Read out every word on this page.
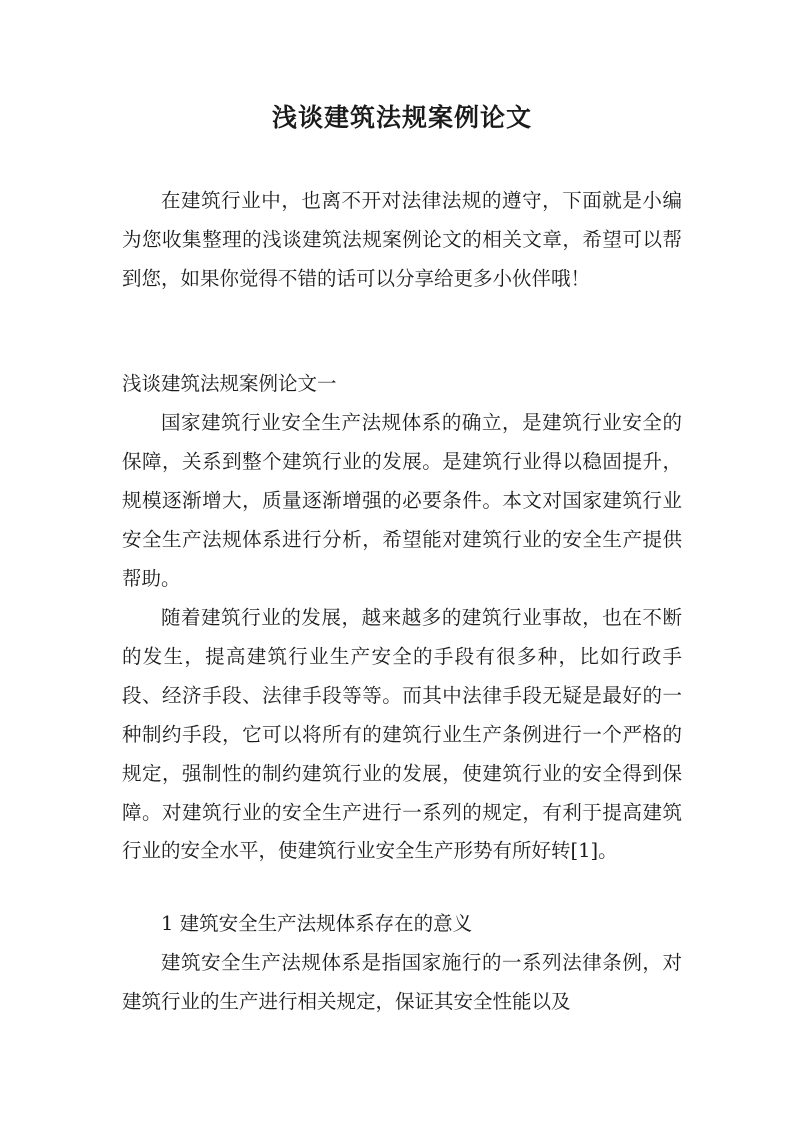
浅谈建筑法规案例论文

在建筑行业中，也离不开对法律法规的遵守，下面就是小编为您收集整理的浅谈建筑法规案例论文的相关文章，希望可以帮到您，如果你觉得不错的话可以分享给更多小伙伴哦！

浅谈建筑法规案例论文一

国家建筑行业安全生产法规体系的确立，是建筑行业安全的保障，关系到整个建筑行业的发展。是建筑行业得以稳固提升，规模逐渐增大，质量逐渐增强的必要条件。本文对国家建筑行业安全生产法规体系进行分析，希望能对建筑行业的安全生产提供帮助。

随着建筑行业的发展，越来越多的建筑行业事故，也在不断的发生，提高建筑行业生产安全的手段有很多种，比如行政手段、经济手段、法律手段等等。而其中法律手段无疑是最好的一种制约手段，它可以将所有的建筑行业生产条例进行一个严格的规定，强制性的制约建筑行业的发展，使建筑行业的安全得到保障。对建筑行业的安全生产进行一系列的规定，有利于提高建筑行业的安全水平，使建筑行业安全生产形势有所好转[1]。

1 建筑安全生产法规体系存在的意义

建筑安全生产法规体系是指国家施行的一系列法律条例，对建筑行业的生产进行相关规定，保证其安全性能以及
